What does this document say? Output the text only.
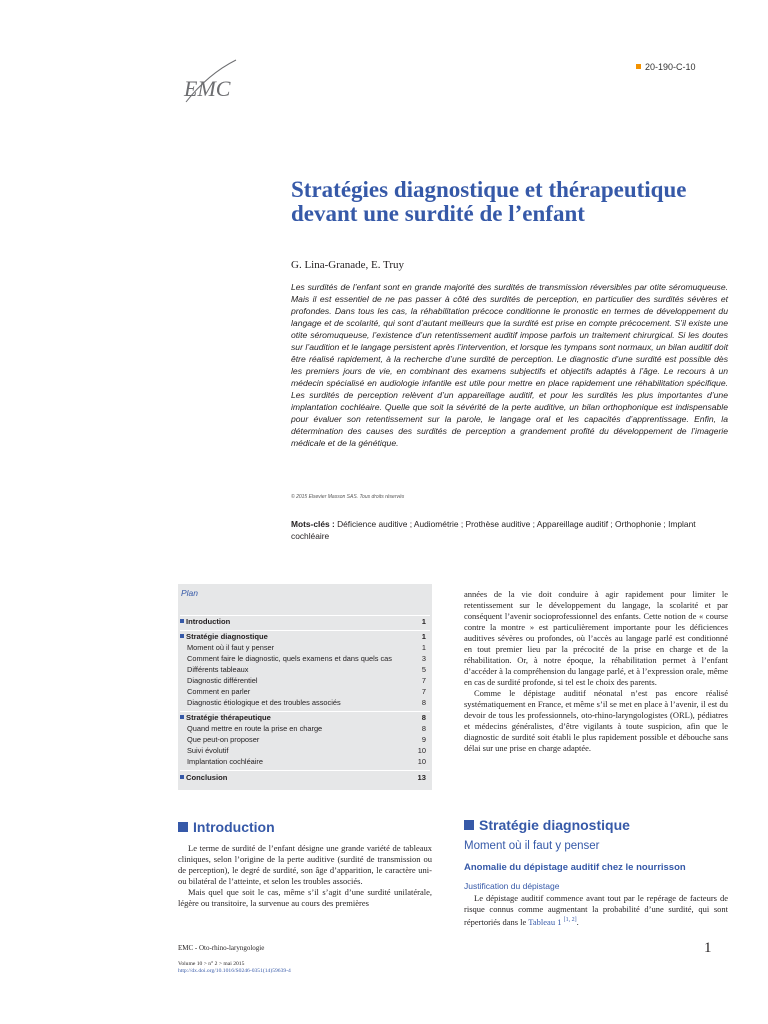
EMC
20-190-C-10
Stratégies diagnostique et thérapeutique devant une surdité de l’enfant
G. Lina-Granade, E. Truy

Les surdités de l’enfant sont en grande majorité des surdités de transmission réversibles par otite séromuqueuse. Mais il est essentiel de ne pas passer à côté des surdités de perception, en particulier des surdités sévères et profondes. Dans tous les cas, la réhabilitation précoce conditionne le pronostic en termes de développement du langage et de scolarité, qui sont d’autant meilleurs que la surdité est prise en compte précocement. S’il existe une otite séromuqueuse, l’existence d’un retentissement auditif impose parfois un traitement chirurgical. Si les doutes sur l’audition et le langage persistent après l’intervention, et lorsque les tympans sont normaux, un bilan auditif doit être réalisé rapidement, à la recherche d’une surdité de perception. Le diagnostic d’une surdité est possible dès les premiers jours de vie, en combinant des examens subjectifs et objectifs adaptés à l’âge. Le recours à un médecin spécialisé en audiologie infantile est utile pour mettre en place rapidement une réhabilitation spécifique. Les surdités de perception relèvent d’un appareillage auditif, et pour les surdités les plus importantes d’une implantation cochléaire. Quelle que soit la sévérité de la perte auditive, un bilan orthophonique est indispensable pour évaluer son retentissement sur la parole, le langage oral et les capacités d’apprentissage. Enfin, la détermination des causes des surdités de perception a grandement profité du développement de l’imagerie médicale et de la génétique.

© 2015 Elsevier Masson SAS. Tous droits réservés

Mots-clés : Déficience auditive ; Audiométrie ; Prothèse auditive ; Appareillage auditif ; Orthophonie ; Implant cochléaire

Plan
Introduction	1
Stratégie diagnostique	1
Moment où il faut y penser	1
Comment faire le diagnostic, quels examens et dans quels cas	3
Différents tableaux	5
Diagnostic différentiel	7
Comment en parler	7
Diagnostic étiologique et des troubles associés	8
Stratégie thérapeutique	8
Quand mettre en route la prise en charge	8
Que peut-on proposer	9
Suivi évolutif	10
Implantation cochléaire	10
Conclusion	13

années de la vie doit conduire à agir rapidement pour limiter le retentissement sur le développement du langage, la scolarité et par conséquent l’avenir socioprofessionnel des enfants. Cette notion de « course contre la montre » est particulièrement importante pour les déficiences auditives sévères ou profondes, où l’accès au langage parlé est conditionné en tout premier lieu par la précocité de la prise en charge et de la réhabilitation. Or, à notre époque, la réhabilitation permet à l’enfant d’accéder à la compréhension du langage parlé, et à l’expression orale, même en cas de surdité profonde, si tel est le choix des parents.

Comme le dépistage auditif néonatal n’est pas encore réalisé systématiquement en France, et même s’il se met en place à l’avenir, il est du devoir de tous les professionnels, oto-rhino-laryngologistes (ORL), pédiatres et médecins généralistes, d’être vigilants à toute suspicion, afin que le diagnostic de surdité soit établi le plus rapidement possible et débouche sans délai sur une prise en charge adaptée.

Introduction

Le terme de surdité de l’enfant désigne une grande variété de tableaux cliniques, selon l’origine de la perte auditive (surdité de transmission ou de perception), le degré de surdité, son âge d’apparition, le caractère uni- ou bilatéral de l’atteinte, et selon les troubles associés.

Mais quel que soit le cas, même s’il s’agit d’une surdité unilatérale, légère ou transitoire, la survenue au cours des premières

Stratégie diagnostique
Moment où il faut y penser
Anomalie du dépistage auditif chez le nourrisson
Justification du dépistage

Le dépistage auditif commence avant tout par le repérage de facteurs de risque connus comme augmentant la probabilité d’une surdité, qui sont répertoriés dans le Tableau 1 [1, 2].

EMC - Oto-rhino-laryngologie
Volume 10 > n° 2 > mai 2015
http://dx.doi.org/10.1016/S0246-0351(14)59639-4
1
